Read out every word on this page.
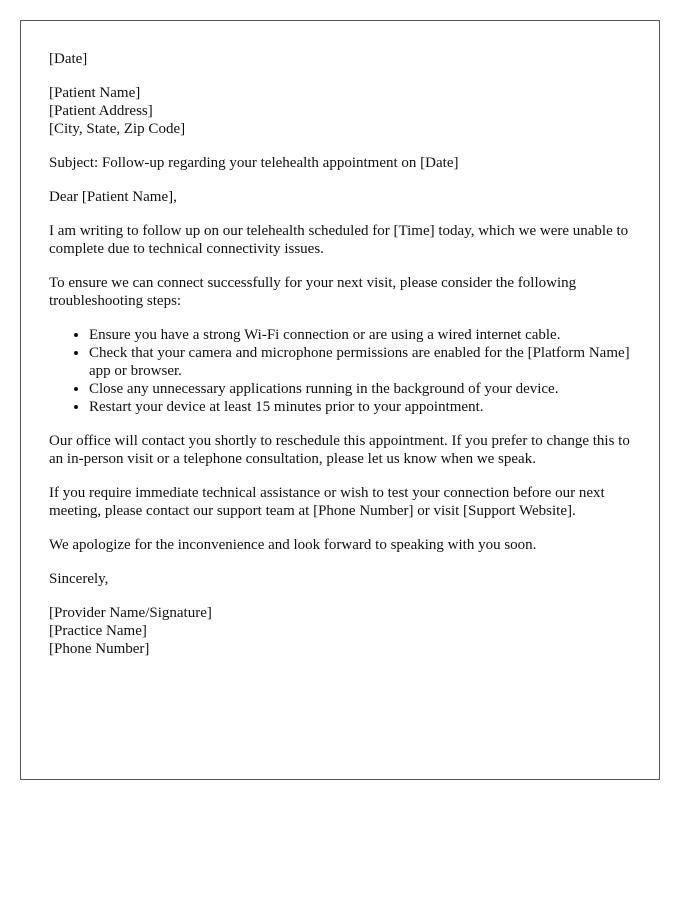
[Date]

[Patient Name]
[Patient Address]
[City, State, Zip Code]

Subject: Follow-up regarding your telehealth appointment on [Date]

Dear [Patient Name],

I am writing to follow up on our telehealth scheduled for [Time] today, which we were unable to complete due to technical connectivity issues.

To ensure we can connect successfully for your next visit, please consider the following troubleshooting steps:

• Ensure you have a strong Wi-Fi connection or are using a wired internet cable.
• Check that your camera and microphone permissions are enabled for the [Platform Name] app or browser.
• Close any unnecessary applications running in the background of your device.
• Restart your device at least 15 minutes prior to your appointment.

Our office will contact you shortly to reschedule this appointment. If you prefer to change this to an in-person visit or a telephone consultation, please let us know when we speak.

If you require immediate technical assistance or wish to test your connection before our next meeting, please contact our support team at [Phone Number] or visit [Support Website].

We apologize for the inconvenience and look forward to speaking with you soon.

Sincerely,

[Provider Name/Signature]
[Practice Name]
[Phone Number]
